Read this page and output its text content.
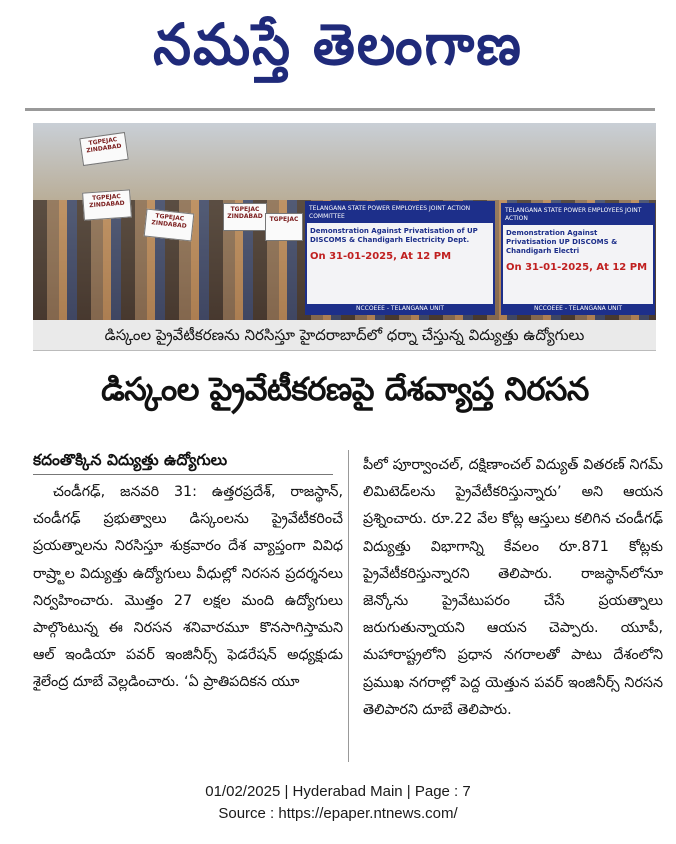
నమస్తే తెలంగాణ
TGPEJAC ZINDABAD
TGPEJAC ZINDABAD
TGPEJAC ZINDABAD
TGPEJAC ZINDABAD	TGPEJAC
TELANGANA STATE POWER EMPLOYEES JOINT ACTION COMMITTEE
Demonstration Against Privatisation of UP DISCOMS & Chandigarh Electricity Dept.
On 31-01-2025, At 12 PM
NCCOEEE - TELANGANA UNIT
TELANGANA STATE POWER EMPLOYEES JOINT ACTION
Demonstration Against Privatisation UP DISCOMS & Chandigarh Electri
On 31-01-2025, At 12 PM
NCCOEEE - TELANGANA UNIT
డిస్కంల ప్రైవేటీకరణను నిరసిస్తూ హైదరాబాద్‌లో ధర్నా చేస్తున్న విద్యుత్తు ఉద్యోగులు
డిస్కంల ప్రైవేటీకరణపై దేశవ్యాప్త నిరసన
కదంతొక్కిన విద్యుత్తు ఉద్యోగులు
చండీగఢ్, జనవరి 31: ఉత్తరప్రదేశ్, రాజస్థాన్, చండీగఢ్ ప్రభుత్వాలు డిస్కంలను ప్రైవేటీకరించే ప్రయత్నాలను నిరసిస్తూ శుక్రవారం దేశ వ్యాప్తంగా వివిధ రాష్ర్టాల విద్యుత్తు ఉద్యోగులు వీధుల్లో నిరసన ప్రదర్శనలు నిర్వహించారు. మొత్తం 27 లక్షల మంది ఉద్యోగులు పాల్గొంటున్న ఈ నిరసన శనివారమూ కొనసాగిస్తామని ఆల్ ఇండియా పవర్ ఇంజినీర్స్ ఫెడరేషన్ అధ్యక్షుడు శైలేంద్ర దూబే వెల్లడించారు. ‘ఏ ప్రాతిపదికన యూ
పీలో పూర్వాంచల్, దక్షిణాంచల్ విద్యుత్ వితరణ్ నిగమ్ లిమిటెడ్‌లను ప్రైవేటీకరిస్తున్నారు’ అని ఆయన ప్రశ్నించారు. రూ.22 వేల కోట్ల ఆస్తులు కలిగిన చండీగఢ్ విద్యుత్తు విభాగాన్ని కేవలం రూ.871 కోట్లకు ప్రైవేటీకరిస్తున్నారని తెలిపారు. రాజస్థాన్‌లోనూ జెన్కోను ప్రైవేటుపరం చేసే ప్రయత్నాలు జరుగుతున్నాయని ఆయన చెప్పారు. యూపీ, మహారాష్ట్రలోని ప్రధాన నగరాలతో పాటు దేశంలోని ప్రముఖ నగరాల్లో పెద్ద యెత్తున పవర్ ఇంజినీర్స్ నిరసన తెలిపారని దూబే తెలిపారు.
01/02/2025 | Hyderabad Main | Page : 7
Source : https://epaper.ntnews.com/
